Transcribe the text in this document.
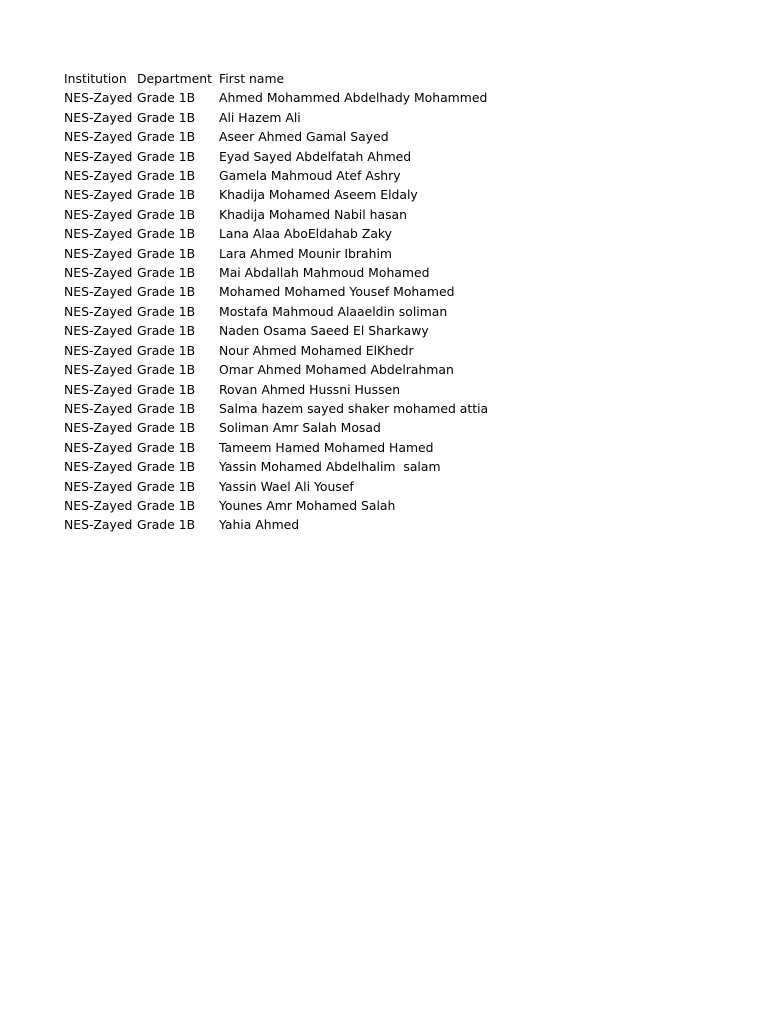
Institution	Department	First name
NES-Zayed	Grade 1B	Ahmed Mohammed Abdelhady Mohammed
NES-Zayed	Grade 1B	Ali Hazem Ali
NES-Zayed	Grade 1B	Aseer Ahmed Gamal Sayed
NES-Zayed	Grade 1B	Eyad Sayed Abdelfatah Ahmed
NES-Zayed	Grade 1B	Gamela Mahmoud Atef Ashry
NES-Zayed	Grade 1B	Khadija Mohamed Aseem Eldaly
NES-Zayed	Grade 1B	Khadija Mohamed Nabil hasan
NES-Zayed	Grade 1B	Lana Alaa AboEldahab Zaky
NES-Zayed	Grade 1B	Lara Ahmed Mounir Ibrahim
NES-Zayed	Grade 1B	Mai Abdallah Mahmoud Mohamed
NES-Zayed	Grade 1B	Mohamed Mohamed Yousef Mohamed
NES-Zayed	Grade 1B	Mostafa Mahmoud Alaaeldin soliman
NES-Zayed	Grade 1B	Naden Osama Saeed El Sharkawy
NES-Zayed	Grade 1B	Nour Ahmed Mohamed ElKhedr
NES-Zayed	Grade 1B	Omar Ahmed Mohamed Abdelrahman
NES-Zayed	Grade 1B	Rovan Ahmed Hussni Hussen
NES-Zayed	Grade 1B	Salma hazem sayed shaker mohamed attia
NES-Zayed	Grade 1B	Soliman Amr Salah Mosad
NES-Zayed	Grade 1B	Tameem Hamed Mohamed Hamed
NES-Zayed	Grade 1B	Yassin Mohamed Abdelhalim  salam
NES-Zayed	Grade 1B	Yassin Wael Ali Yousef
NES-Zayed	Grade 1B	Younes Amr Mohamed Salah
NES-Zayed	Grade 1B	Yahia Ahmed
